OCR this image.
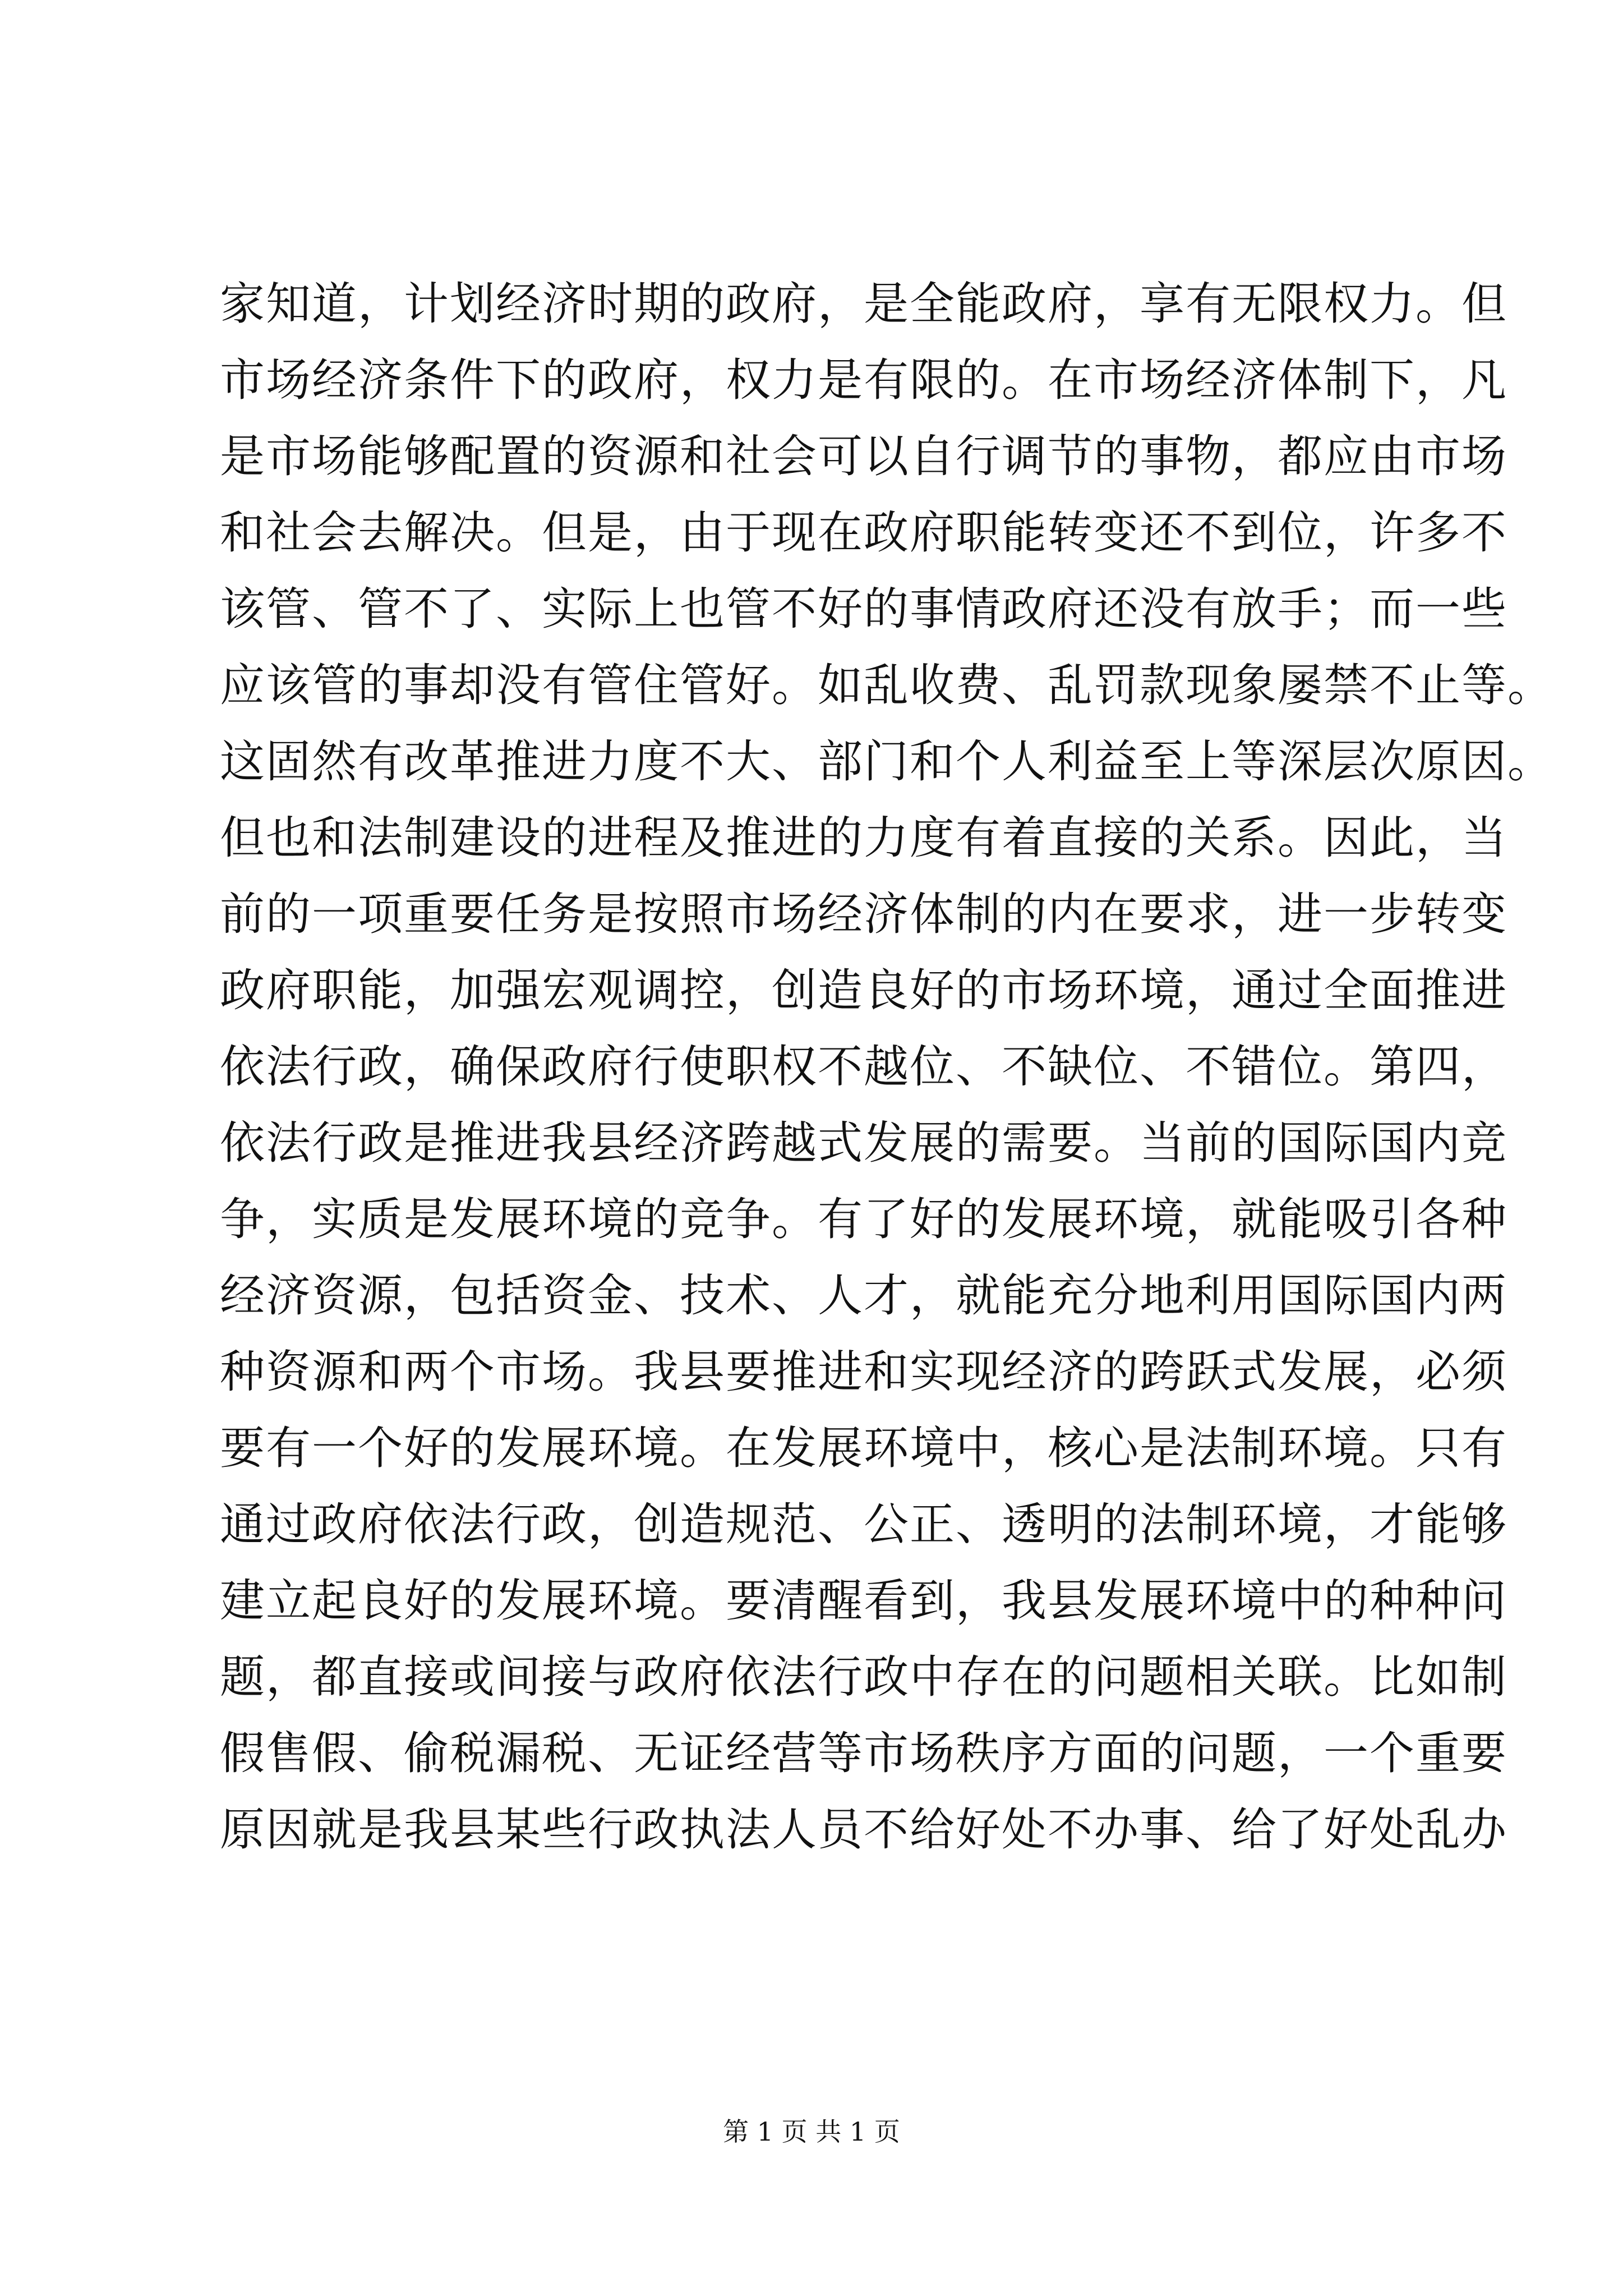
家知道，计划经济时期的政府，是全能政府，享有无限权力。但
市场经济条件下的政府，权力是有限的。在市场经济体制下，凡
是市场能够配置的资源和社会可以自行调节的事物，都应由市场
和社会去解决。但是，由于现在政府职能转变还不到位，许多不
该管、管不了、实际上也管不好的事情政府还没有放手；而一些
应该管的事却没有管住管好。如乱收费、乱罚款现象屡禁不止等。
这固然有改革推进力度不大、部门和个人利益至上等深层次原因。
但也和法制建设的进程及推进的力度有着直接的关系。因此，当
前的一项重要任务是按照市场经济体制的内在要求，进一步转变
政府职能，加强宏观调控，创造良好的市场环境，通过全面推进
依法行政，确保政府行使职权不越位、不缺位、不错位。第四，
依法行政是推进我县经济跨越式发展的需要。当前的国际国内竞
争，实质是发展环境的竞争。有了好的发展环境，就能吸引各种
经济资源，包括资金、技术、人才，就能充分地利用国际国内两
种资源和两个市场。我县要推进和实现经济的跨跃式发展，必须
要有一个好的发展环境。在发展环境中，核心是法制环境。只有
通过政府依法行政，创造规范、公正、透明的法制环境，才能够
建立起良好的发展环境。要清醒看到，我县发展环境中的种种问
题，都直接或间接与政府依法行政中存在的问题相关联。比如制
假售假、偷税漏税、无证经营等市场秩序方面的问题，一个重要
原因就是我县某些行政执法人员不给好处不办事、给了好处乱办
第 1 页 共 1 页
